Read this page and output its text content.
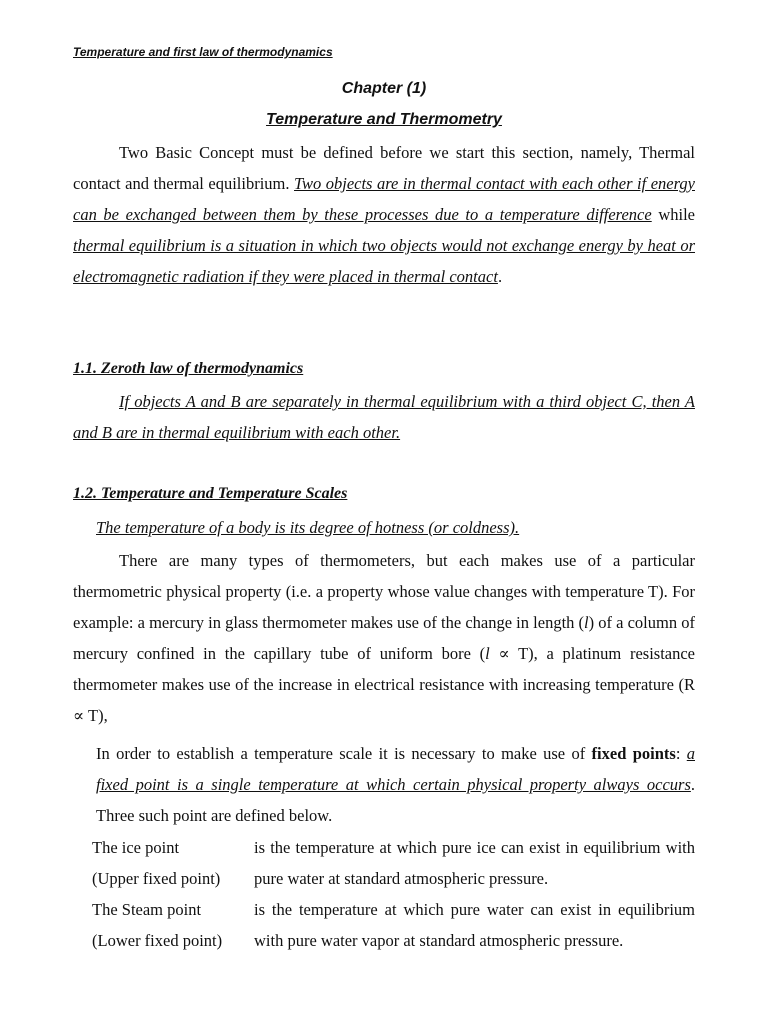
Temperature and first law of thermodynamics
Chapter (1)
Temperature and Thermometry
Two Basic Concept must be defined before we start this section, namely, Thermal contact and thermal equilibrium. Two objects are in thermal contact with each other if energy can be exchanged between them by these processes due to a temperature difference while thermal equilibrium is a situation in which two objects would not exchange energy by heat or electromagnetic radiation if they were placed in thermal contact.
1.1. Zeroth law of thermodynamics
If objects A and B are separately in thermal equilibrium with a third object C, then A and B are in thermal equilibrium with each other.
1.2. Temperature and Temperature Scales
The temperature of a body is its degree of hotness (or coldness).
There are many types of thermometers, but each makes use of a particular thermometric physical property (i.e. a property whose value changes with temperature T). For example: a mercury in glass thermometer makes use of the change in length (l) of a column of mercury confined in the capillary tube of uniform bore (l ∝ T), a platinum resistance thermometer makes use of the increase in electrical resistance with increasing temperature (R ∝ T),
In order to establish a temperature scale it is necessary to make use of fixed points: a fixed point is a single temperature at which certain physical property always occurs. Three such point are defined below.
The ice point
(Upper fixed point)
is the temperature at which pure ice can exist in equilibrium with pure water at standard atmospheric pressure.
The Steam point
(Lower fixed point)
is the temperature at which pure water can exist in equilibrium with pure water vapor at standard atmospheric pressure.
